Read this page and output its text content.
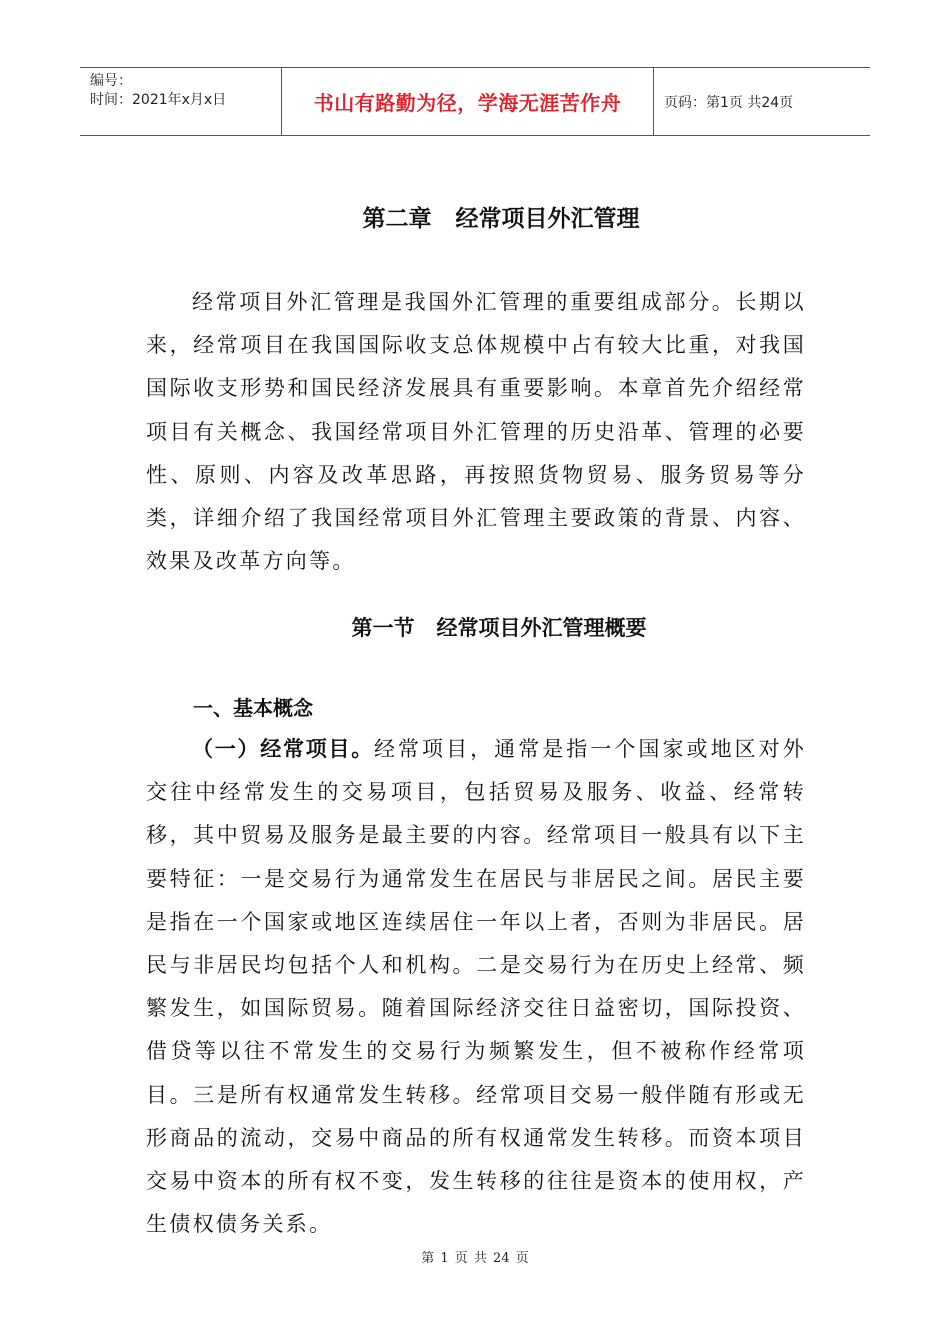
编号：
时间：2021年x月x日	书山有路勤为径，学海无涯苦作舟	页码：第1页 共24页
第二章   经常项目外汇管理

经常项目外汇管理是我国外汇管理的重要组成部分。长期以来，经常项目在我国国际收支总体规模中占有较大比重，对我国国际收支形势和国民经济发展具有重要影响。本章首先介绍经常项目有关概念、我国经常项目外汇管理的历史沿革、管理的必要性、原则、内容及改革思路，再按照货物贸易、服务贸易等分类，详细介绍了我国经常项目外汇管理主要政策的背景、内容、效果及改革方向等。

第一节   经常项目外汇管理概要
一、基本概念

（一）经常项目。经常项目，通常是指一个国家或地区对外交往中经常发生的交易项目，包括贸易及服务、收益、经常转移，其中贸易及服务是最主要的内容。经常项目一般具有以下主要特征：一是交易行为通常发生在居民与非居民之间。居民主要是指在一个国家或地区连续居住一年以上者，否则为非居民。居民与非居民均包括个人和机构。二是交易行为在历史上经常、频繁发生，如国际贸易。随着国际经济交往日益密切，国际投资、借贷等以往不常发生的交易行为频繁发生，但不被称作经常项目。三是所有权通常发生转移。经常项目交易一般伴随有形或无形商品的流动，交易中商品的所有权通常发生转移。而资本项目交易中资本的所有权不变，发生转移的往往是资本的使用权，产生债权债务关系。

第 1 页 共 24 页
